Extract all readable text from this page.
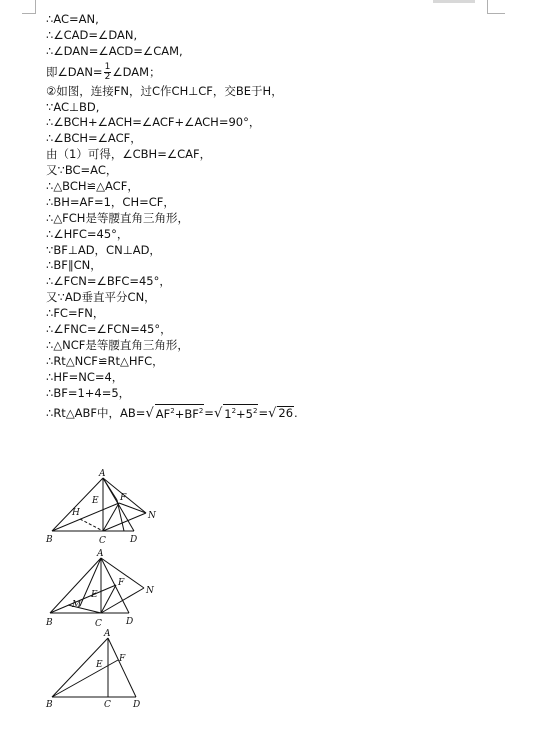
∴AC=AN,
∴∠CAD=∠DAN,
∴∠DAN=∠ACD=∠CAM,
即∠DAN= $\frac{1}{2}$ ∠DAM；
②如图，连接FN，过C作CH⊥CF，交BE于H，
∵AC⊥BD,
∴∠BCH+∠ACH=∠ACF+∠ACH=90°，
∴∠BCH=∠ACF，
由（1）可得，∠CBH=∠CAF，
又∵BC=AC，
∴△BCH≌△ACF，
∴BH=AF=1，CH=CF，
∴△FCH是等腰直角三角形，
∴∠HFC=45°，
∵BF⊥AD，CN⊥AD，
∴BF∥CN，
∴∠FCN=∠BFC=45°，
又∵AD垂直平分CN，
∴FC=FN，
∴∠FNC=∠FCN=45°，
∴△NCF是等腰直角三角形，
∴Rt△NCF≌Rt△HFC，
∴HF=NC=4，
∴BF=1+4=5，
∴Rt△ABF中，AB=√ $AF^2+BF^2=√$ $1^2+5^2=√$ 26.
A
E F
N
H
B	C	D
A
F
E	N
M
B	C	D
A
F
E
B	C D
